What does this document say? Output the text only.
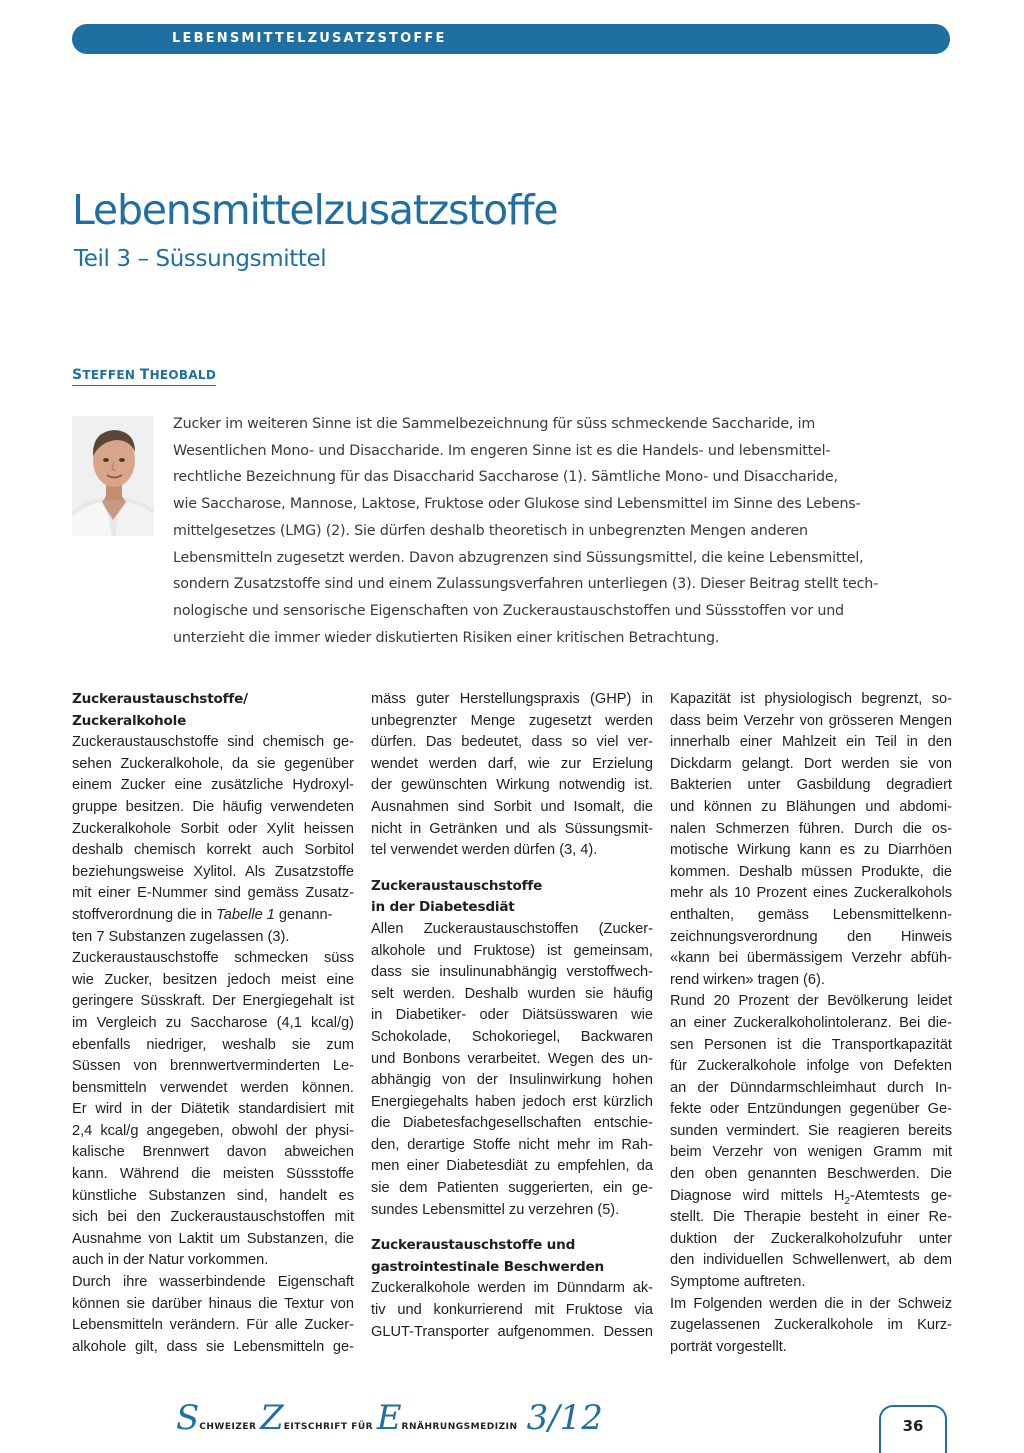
LEBENSMITTELZUSATZSTOFFE
Lebensmittelzusatzstoffe
Teil 3 – Süssungsmittel
STEFFEN THEOBALD
Zucker im weiteren Sinne ist die Sammelbezeichnung für süss schmeckende Saccharide, im
Wesentlichen Mono- und Disaccharide. Im engeren Sinne ist es die Handels- und lebensmittel-
rechtliche Bezeichnung für das Disaccharid Saccharose (1). Sämtliche Mono- und Disaccharide,
wie Saccharose, Mannose, Laktose, Fruktose oder Glukose sind Lebensmittel im Sinne des Lebens-
mittelgesetzes (LMG) (2). Sie dürfen deshalb theoretisch in unbegrenzten Mengen anderen
Lebensmitteln zugesetzt werden. Davon abzugrenzen sind Süssungsmittel, die keine Lebensmittel,
sondern Zusatzstoffe sind und einem Zulassungsverfahren unterliegen (3). Dieser Beitrag stellt tech-
nologische und sensorische Eigenschaften von Zuckeraustauschstoffen und Süssstoffen vor und
unterzieht die immer wieder diskutierten Risiken einer kritischen Betrachtung.
Zuckeraustauschstoffe/
Zuckeralkohole
Zuckeraustauschstoffe sind chemisch ge-
sehen Zuckeralkohole, da sie gegenüber
einem Zucker eine zusätzliche Hydroxyl-
gruppe besitzen. Die häufig verwendeten
Zuckeralkohole Sorbit oder Xylit heissen
deshalb chemisch korrekt auch Sorbitol
beziehungsweise Xylitol. Als Zusatzstoffe
mit einer E-Nummer sind gemäss Zusatz-
stoffverordnung die in Tabelle 1 genann-
ten 7 Substanzen zugelassen (3).
Zuckeraustauschstoffe schmecken süss
wie Zucker, besitzen jedoch meist eine
geringere Süsskraft. Der Energiegehalt ist
im Vergleich zu Saccharose (4,1 kcal/g)
ebenfalls niedriger, weshalb sie zum
Süssen von brennwertverminderten Le-
bensmitteln verwendet werden können.
Er wird in der Diätetik standardisiert mit
2,4 kcal/g angegeben, obwohl der physi-
kalische Brennwert davon abweichen
kann. Während die meisten Süssstoffe
künstliche Substanzen sind, handelt es
sich bei den Zuckeraustauschstoffen mit
Ausnahme von Laktit um Substanzen, die
auch in der Natur vorkommen.
Durch ihre wasserbindende Eigenschaft
können sie darüber hinaus die Textur von
Lebensmitteln verändern. Für alle Zucker-
alkohole gilt, dass sie Lebensmitteln ge-
mäss guter Herstellungspraxis (GHP) in
unbegrenzter Menge zugesetzt werden
dürfen. Das bedeutet, dass so viel ver-
wendet werden darf, wie zur Erzielung
der gewünschten Wirkung notwendig ist.
Ausnahmen sind Sorbit und Isomalt, die
nicht in Getränken und als Süssungsmit-
tel verwendet werden dürfen (3, 4).
Zuckeraustauschstoffe
in der Diabetesdiät
Allen Zuckeraustauschstoffen (Zucker-
alkohole und Fruktose) ist gemeinsam,
dass sie insulinunabhängig verstoffwech-
selt werden. Deshalb wurden sie häufig
in Diabetiker- oder Diätsüsswaren wie
Schokolade, Schokoriegel, Backwaren
und Bonbons verarbeitet. Wegen des un-
abhängig von der Insulinwirkung hohen
Energiegehalts haben jedoch erst kürzlich
die Diabetesfachgesellschaften entschie-
den, derartige Stoffe nicht mehr im Rah-
men einer Diabetesdiät zu empfehlen, da
sie dem Patienten suggerierten, ein ge-
sundes Lebensmittel zu verzehren (5).
Zuckeraustauschstoffe und
gastrointestinale Beschwerden
Zuckeralkohole werden im Dünndarm ak-
tiv und konkurrierend mit Fruktose via
GLUT-Transporter aufgenommen. Dessen
Kapazität ist physiologisch begrenzt, so-
dass beim Verzehr von grösseren Mengen
innerhalb einer Mahlzeit ein Teil in den
Dickdarm gelangt. Dort werden sie von
Bakterien unter Gasbildung degradiert
und können zu Blähungen und abdomi-
nalen Schmerzen führen. Durch die os-
motische Wirkung kann es zu Diarrhöen
kommen. Deshalb müssen Produkte, die
mehr als 10 Prozent eines Zuckeralkohols
enthalten, gemäss Lebensmittelkenn-
zeichnungsverordnung den Hinweis
«kann bei übermässigem Verzehr abfüh-
rend wirken» tragen (6).
Rund 20 Prozent der Bevölkerung leidet
an einer Zuckeralkoholintoleranz. Bei die-
sen Personen ist die Transportkapazität
für Zuckeralkohole infolge von Defekten
an der Dünndarmschleimhaut durch In-
fekte oder Entzündungen gegenüber Ge-
sunden vermindert. Sie reagieren bereits
beim Verzehr von wenigen Gramm mit
den oben genannten Beschwerden. Die
Diagnose wird mittels $H_2$-Atemtests ge-
stellt. Die Therapie besteht in einer Re-
duktion der Zuckeralkoholzufuhr unter
den individuellen Schwellenwert, ab dem
Symptome auftreten.
Im Folgenden werden die in der Schweiz
zugelassenen Zuckeralkohole im Kurz-
porträt vorgestellt.
SCHWEIZER ZEITSCHRIFT FÜR ERNÄHRUNGSMEDIZIN 3/12	36
